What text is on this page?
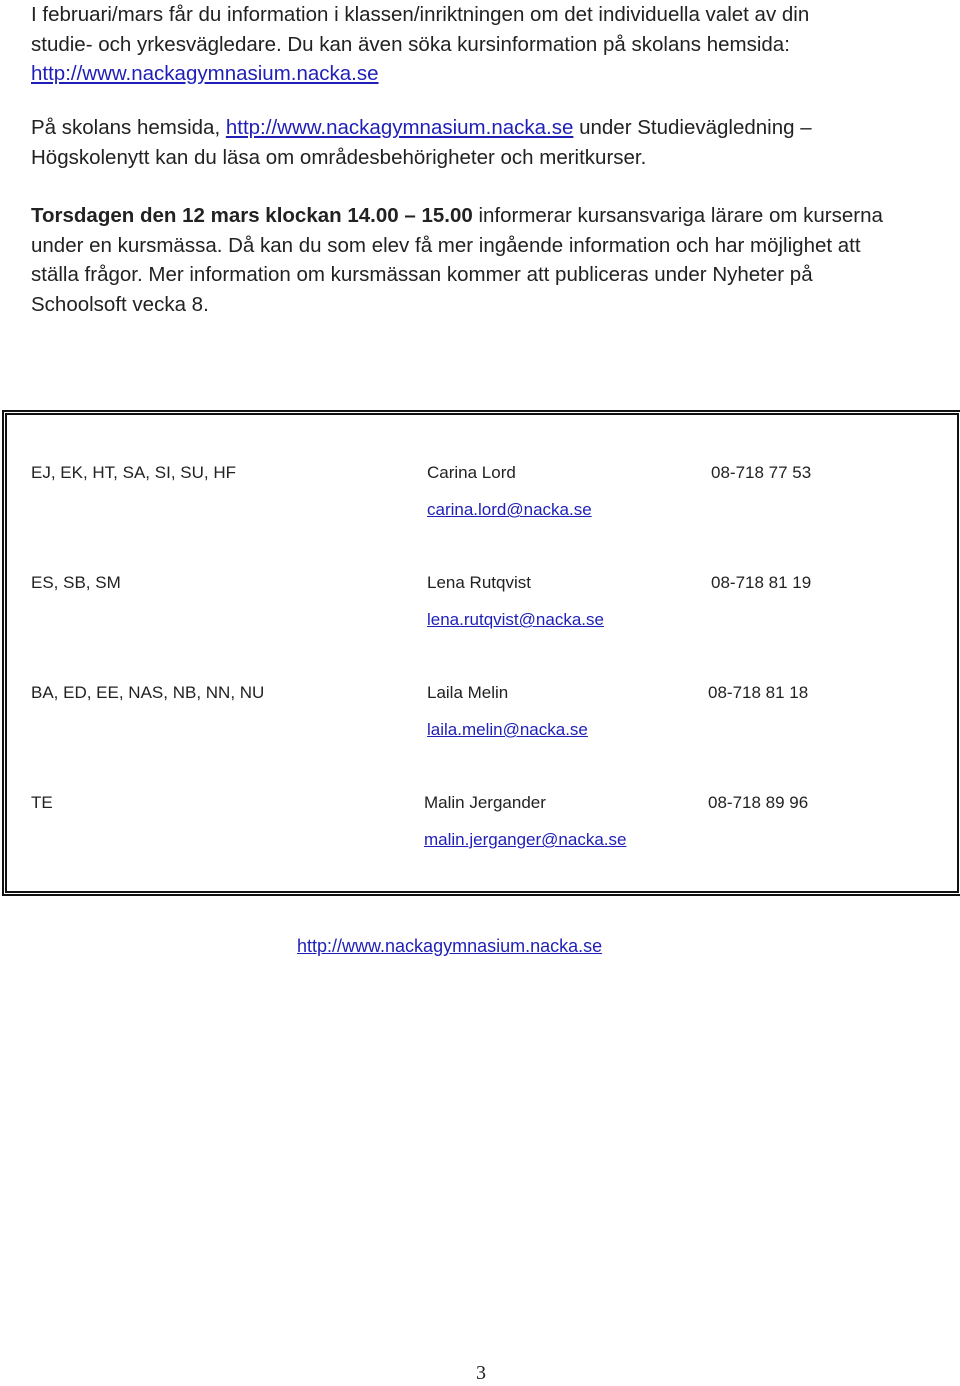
I februari/mars får du information i klassen/inriktningen om det individuella valet av din
studie- och yrkesvägledare. Du kan även söka kursinformation på skolans hemsida:
http://www.nackagymnasium.nacka.se
På skolans hemsida, http://www.nackagymnasium.nacka.se under Studievägledning –
Högskolenytt kan du läsa om områdesbehörigheter och meritkurser.
Torsdagen den 12 mars klockan 14.00 – 15.00 informerar kursansvariga lärare om kurserna
under en kursmässa. Då kan du som elev få mer ingående information och har möjlighet att
ställa frågor. Mer information om kursmässan kommer att publiceras under Nyheter på
Schoolsoft vecka 8.
EJ, EK, HT, SA, SI, SU, HF	Carina Lord	08-718 77 53
carina.lord@nacka.se
ES, SB, SM	Lena Rutqvist	08-718 81 19
lena.rutqvist@nacka.se
BA, ED, EE, NAS, NB, NN, NU	Laila Melin	08-718 81 18
laila.melin@nacka.se
TE	Malin Jergander	08-718 89 96
malin.jerganger@nacka.se
http://www.nackagymnasium.nacka.se
3
